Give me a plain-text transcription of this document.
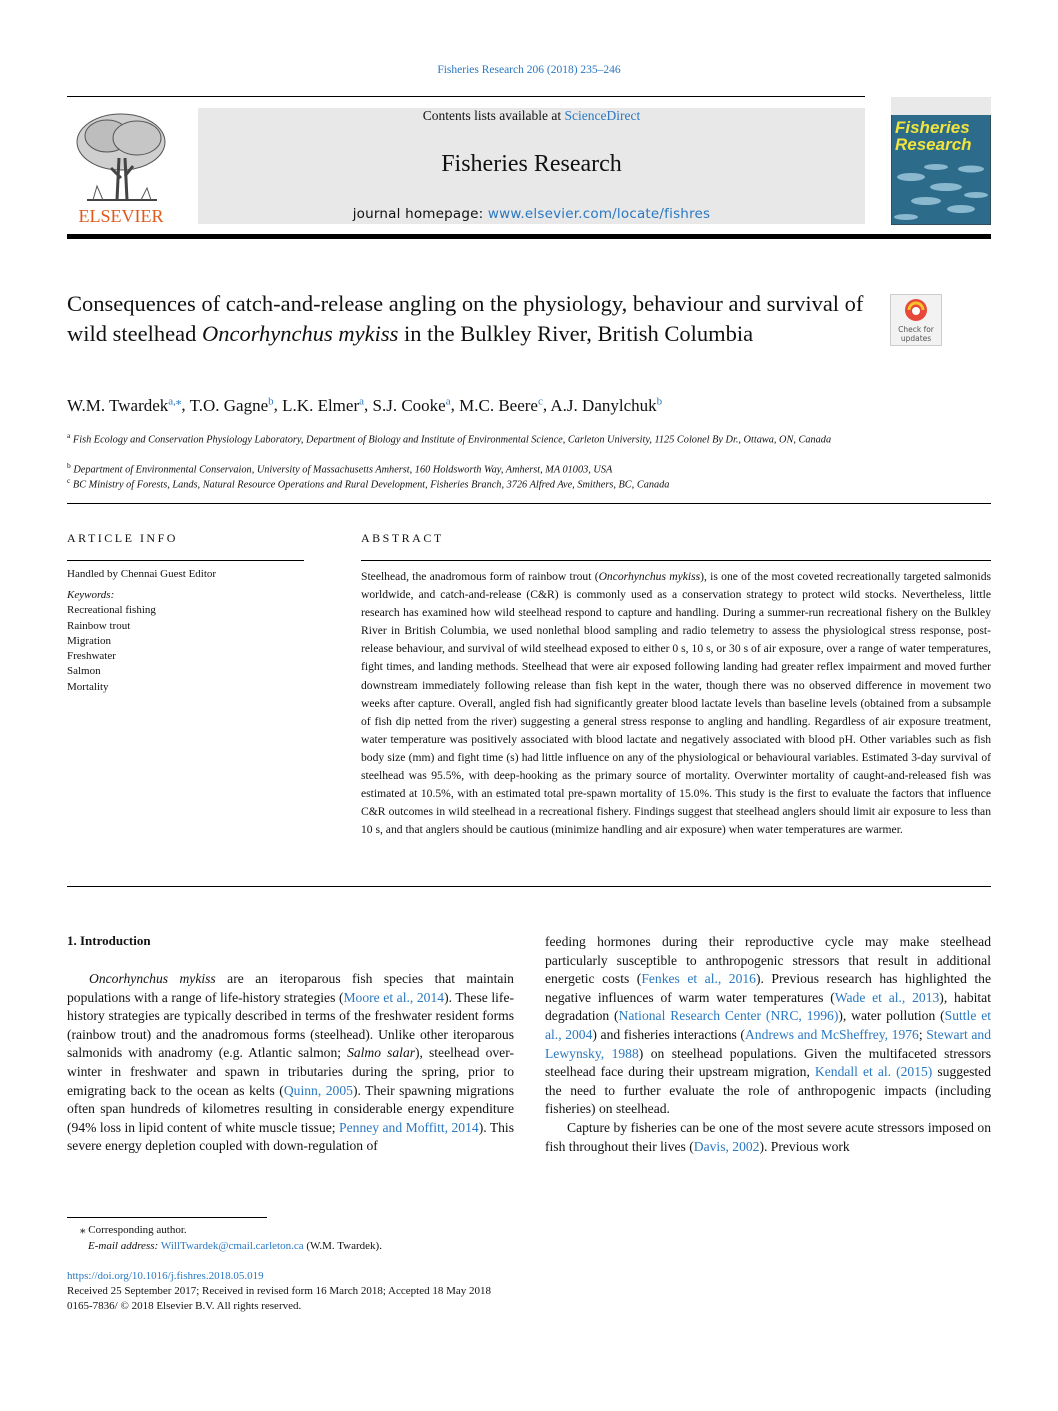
Fisheries Research 206 (2018) 235–246
ELSEVIER
Contents lists available at ScienceDirect
Fisheries Research
journal homepage: www.elsevier.com/locate/fishres
Fisheries
Research
Consequences of catch-and-release angling on the physiology, behaviour and survival of wild steelhead Oncorhynchus mykiss in the Bulkley River, British Columbia	Check for
updates
W.M. Twardek$^{a,⁎}$, T.O. Gagne$^b$, L.K. Elmer$^a$, S.J. Cooke$^a$, M.C. Beere$^c$, A.J. Danylchuk$^b$
$^a$ Fish Ecology and Conservation Physiology Laboratory, Department of Biology and Institute of Environmental Science, Carleton University, 1125 Colonel By Dr., Ottawa, ON, Canada
$^b$ Department of Environmental Conservaion, University of Massachusetts Amherst, 160 Holdsworth Way, Amherst, MA 01003, USA
$^c$ BC Ministry of Forests, Lands, Natural Resource Operations and Rural Development, Fisheries Branch, 3726 Alfred Ave, Smithers, BC, Canada
ARTICLE INFO
Handled by Chennai Guest Editor
Keywords:
Recreational fishing
Rainbow trout
Migration
Freshwater
Salmon
Mortality
ABSTRACT
Steelhead, the anadromous form of rainbow trout (Oncorhynchus mykiss), is one of the most coveted recreationally targeted salmonids worldwide, and catch-and-release (C&R) is commonly used as a conservation strategy to protect wild stocks. Nevertheless, little research has examined how wild steelhead respond to capture and handling. During a summer-run recreational fishery on the Bulkley River in British Columbia, we used nonlethal blood sampling and radio telemetry to assess the physiological stress response, post-release behaviour, and survival of wild steelhead exposed to either 0 s, 10 s, or 30 s of air exposure, over a range of water temperatures, fight times, and landing methods. Steelhead that were air exposed following landing had greater reflex impairment and moved further downstream immediately following release than fish kept in the water, though there was no observed difference in movement two weeks after capture. Overall, angled fish had significantly greater blood lactate levels than baseline levels (obtained from a subsample of fish dip netted from the river) suggesting a general stress response to angling and handling. Regardless of air exposure treatment, water temperature was positively associated with blood lactate and negatively associated with blood pH. Other variables such as fish body size (mm) and fight time (s) had little influence on any of the physiological or behavioural variables. Estimated 3-day survival of steelhead was 95.5%, with deep-hooking as the primary source of mortality. Overwinter mortality of caught-and-released fish was estimated at 10.5%, with an estimated total pre-spawn mortality of 15.0%. This study is the first to evaluate the factors that influence C&R outcomes in wild steelhead in a recreational fishery. Findings suggest that steelhead anglers should limit air exposure to less than 10 s, and that anglers should be cautious (minimize handling and air exposure) when water temperatures are warmer.
1. Introduction

Oncorhynchus mykiss are an iteroparous fish species that maintain populations with a range of life-history strategies (Moore et al., 2014). These life-history strategies are typically described in terms of the freshwater resident forms (rainbow trout) and the anadromous forms (steelhead). Unlike other iteroparous salmonids with anadromy (e.g. Atlantic salmon; Salmo salar), steelhead over-winter in freshwater and spawn in tributaries during the spring, prior to emigrating back to the ocean as kelts (Quinn, 2005). Their spawning migrations often span hundreds of kilometres resulting in considerable energy expenditure (94% loss in lipid content of white muscle tissue; Penney and Moffitt, 2014). This severe energy depletion coupled with down-regulation of

feeding hormones during their reproductive cycle may make steelhead particularly susceptible to anthropogenic stressors that result in additional energetic costs (Fenkes et al., 2016). Previous research has highlighted the negative influences of warm water temperatures (Wade et al., 2013), habitat degradation (National Research Center (NRC, 1996)), water pollution (Suttle et al., 2004) and fisheries interactions (Andrews and McSheffrey, 1976; Stewart and Lewynsky, 1988) on steelhead populations. Given the multifaceted stressors steelhead face during their upstream migration, Kendall et al. (2015) suggested the need to further evaluate the role of anthropogenic impacts (including fisheries) on steelhead.

Capture by fisheries can be one of the most severe acute stressors imposed on fish throughout their lives (Davis, 2002). Previous work

⁎ Corresponding author.
E-mail address: WillTwardek@cmail.carleton.ca (W.M. Twardek).
https://doi.org/10.1016/j.fishres.2018.05.019
Received 25 September 2017; Received in revised form 16 March 2018; Accepted 18 May 2018
0165-7836/ © 2018 Elsevier B.V. All rights reserved.
